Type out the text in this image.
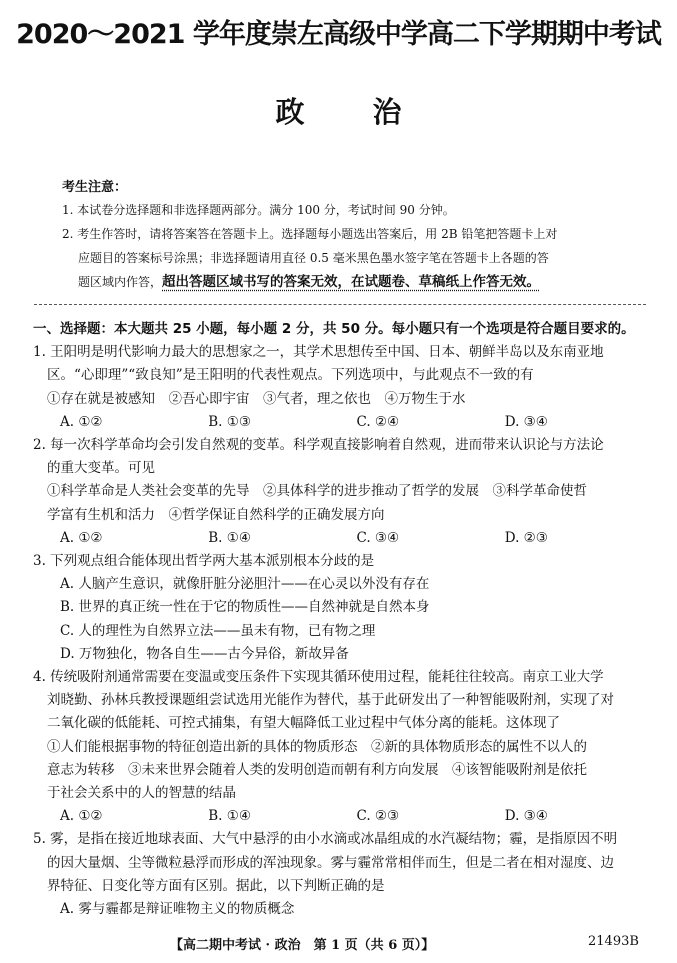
2020～2021 学年度崇左高级中学高二下学期期中考试
政 治
考生注意：

1. 本试卷分选择题和非选择题两部分。满分 100 分，考试时间 90 分钟。

2. 考生作答时，请将答案答在答题卡上。选择题每小题选出答案后，用 2B 铅笔把答题卡上对

应题目的答案标号涂黑；非选择题请用直径 0.5 毫米黑色墨水签字笔在答题卡上各题的答

题区域内作答，超出答题区域书写的答案无效，在试题卷、草稿纸上作答无效。

一、选择题：本大题共 25 小题，每小题 2 分，共 50 分。每小题只有一个选项是符合题目要求的。

1. 王阳明是明代影响力最大的思想家之一，其学术思想传至中国、日本、朝鲜半岛以及东南亚地

区。“心即理”“致良知”是王阳明的代表性观点。下列选项中，与此观点不一致的有

①存在就是被感知　②吾心即宇宙　③气者，理之依也　④万物生于水

A. ①②	B. ①③	C. ②④	D. ③④

2. 每一次科学革命均会引发自然观的变革。科学观直接影响着自然观，进而带来认识论与方法论

的重大变革。可见

①科学革命是人类社会变革的先导　②具体科学的进步推动了哲学的发展　③科学革命使哲

学富有生机和活力　④哲学保证自然科学的正确发展方向

A. ①②	B. ①④	C. ③④	D. ②③

3. 下列观点组合能体现出哲学两大基本派别根本分歧的是

A. 人脑产生意识，就像肝脏分泌胆汁——在心灵以外没有存在

B. 世界的真正统一性在于它的物质性——自然神就是自然本身

C. 人的理性为自然界立法——虽未有物，已有物之理

D. 万物独化，物各自生——古今异俗，新故异备

4. 传统吸附剂通常需要在变温或变压条件下实现其循环使用过程，能耗往往较高。南京工业大学

刘晓勤、孙林兵教授课题组尝试选用光能作为替代，基于此研发出了一种智能吸附剂，实现了对

二氧化碳的低能耗、可控式捕集，有望大幅降低工业过程中气体分离的能耗。这体现了

①人们能根据事物的特征创造出新的具体的物质形态　②新的具体物质形态的属性不以人的

意志为转移　③未来世界会随着人类的发明创造而朝有利方向发展　④该智能吸附剂是依托

于社会关系中的人的智慧的结晶

A. ①②	B. ①④	C. ②③	D. ③④

5. 雾，是指在接近地球表面、大气中悬浮的由小水滴或冰晶组成的水汽凝结物；霾，是指原因不明

的因大量烟、尘等微粒悬浮而形成的浑浊现象。雾与霾常常相伴而生，但是二者在相对湿度、边

界特征、日变化等方面有区别。据此，以下判断正确的是

A. 雾与霾都是辩证唯物主义的物质概念

【高二期中考试 · 政治　第 1 页（共 6 页）】	21493B
